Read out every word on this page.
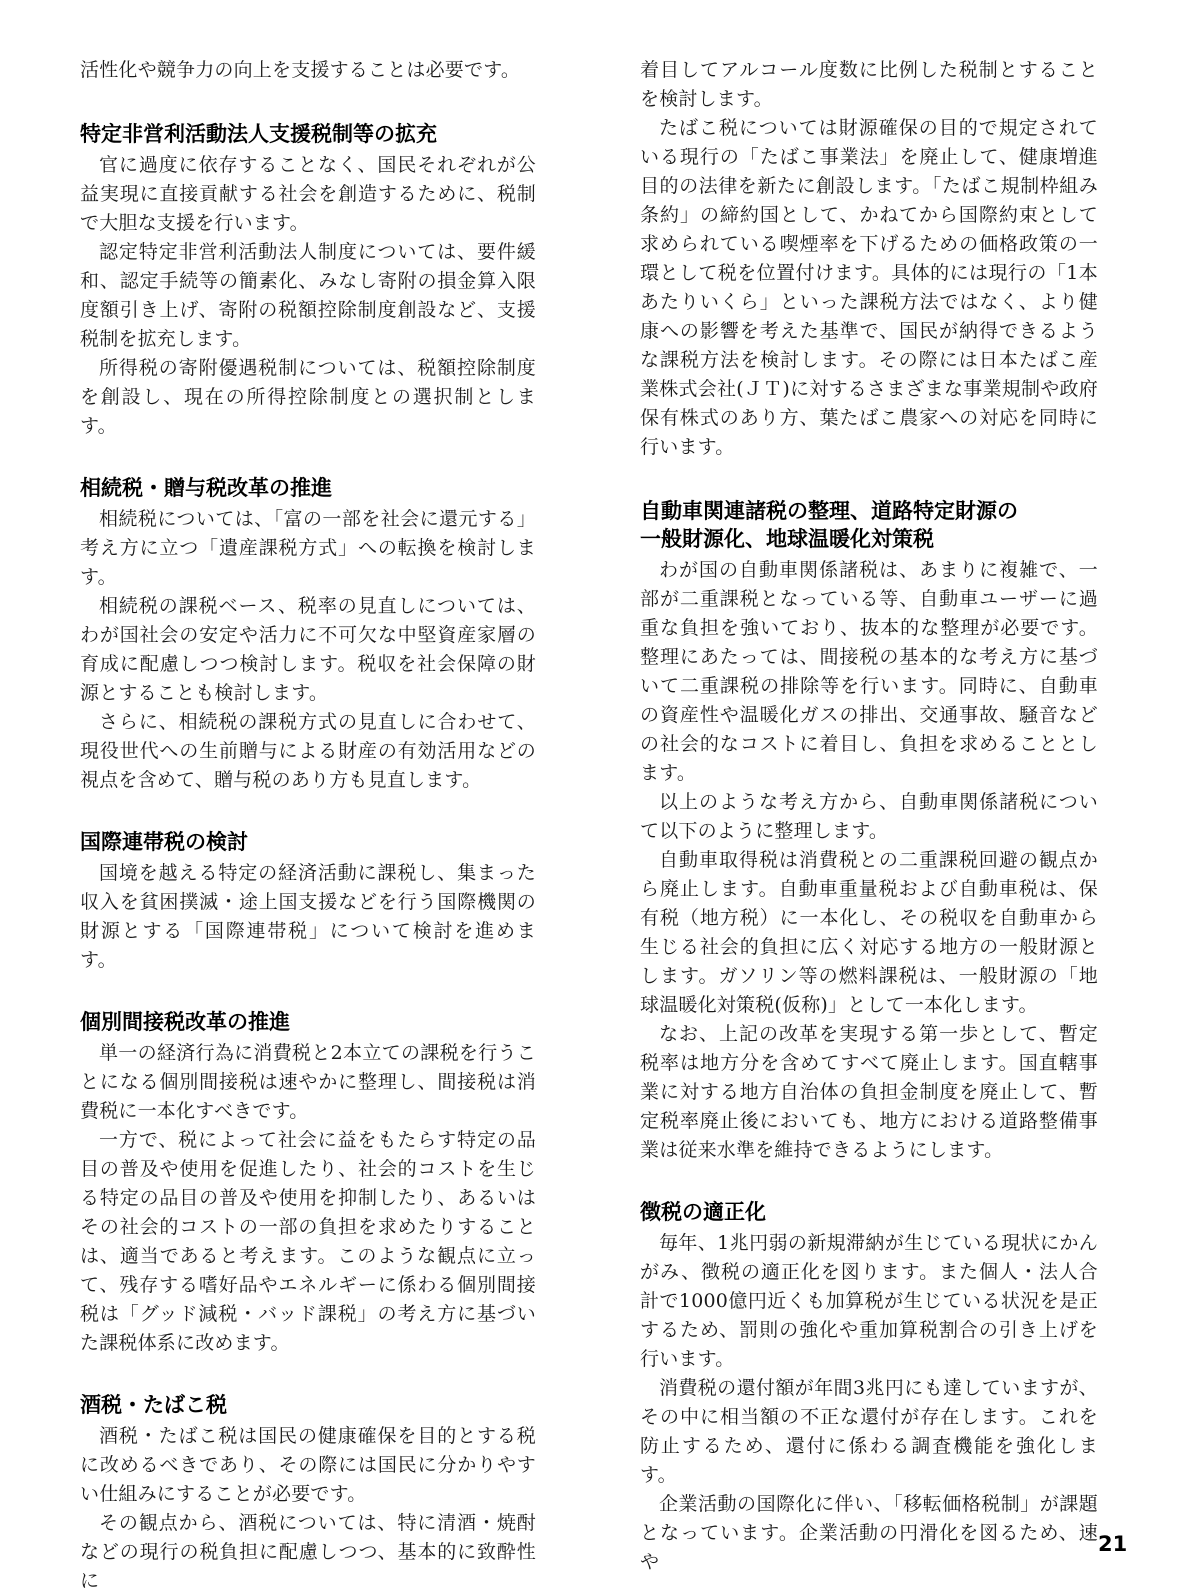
活性化や競争力の向上を支援することは必要です。

特定非営利活動法人支援税制等の拡充

官に過度に依存することなく、国民それぞれが公益実現に直接貢献する社会を創造するために、税制で大胆な支援を行います。

認定特定非営利活動法人制度については、要件緩和、認定手続等の簡素化、みなし寄附の損金算入限度額引き上げ、寄附の税額控除制度創設など、支援税制を拡充します。

所得税の寄附優遇税制については、税額控除制度を創設し、現在の所得控除制度との選択制とします。

相続税・贈与税改革の推進

相続税については、「富の一部を社会に還元する」考え方に立つ「遺産課税方式」への転換を検討します。

相続税の課税ベース、税率の見直しについては、わが国社会の安定や活力に不可欠な中堅資産家層の育成に配慮しつつ検討します。税収を社会保障の財源とすることも検討します。

さらに、相続税の課税方式の見直しに合わせて、現役世代への生前贈与による財産の有効活用などの視点を含めて、贈与税のあり方も見直します。

国際連帯税の検討

国境を越える特定の経済活動に課税し、集まった収入を貧困撲滅・途上国支援などを行う国際機関の財源とする「国際連帯税」について検討を進めます。

個別間接税改革の推進

単一の経済行為に消費税と2本立ての課税を行うことになる個別間接税は速やかに整理し、間接税は消費税に一本化すべきです。

一方で、税によって社会に益をもたらす特定の品目の普及や使用を促進したり、社会的コストを生じる特定の品目の普及や使用を抑制したり、あるいはその社会的コストの一部の負担を求めたりすることは、適当であると考えます。このような観点に立って、残存する嗜好品やエネルギーに係わる個別間接税は「グッド減税・バッド課税」の考え方に基づいた課税体系に改めます。

酒税・たばこ税

酒税・たばこ税は国民の健康確保を目的とする税に改めるべきであり、その際には国民に分かりやすい仕組みにすることが必要です。

その観点から、酒税については、特に清酒・焼酎などの現行の税負担に配慮しつつ、基本的に致酔性に

着目してアルコール度数に比例した税制とすることを検討します。

たばこ税については財源確保の目的で規定されている現行の「たばこ事業法」を廃止して、健康増進目的の法律を新たに創設します。「たばこ規制枠組み条約」の締約国として、かねてから国際約束として求められている喫煙率を下げるための価格政策の一環として税を位置付けます。具体的には現行の「1本あたりいくら」といった課税方法ではなく、より健康への影響を考えた基準で、国民が納得できるような課税方法を検討します。その際には日本たばこ産業株式会社(ＪＴ)に対するさまざまな事業規制や政府保有株式のあり方、葉たばこ農家への対応を同時に行います。

自動車関連諸税の整理、道路特定財源の
一般財源化、地球温暖化対策税

わが国の自動車関係諸税は、あまりに複雑で、一部が二重課税となっている等、自動車ユーザーに過重な負担を強いており、抜本的な整理が必要です。整理にあたっては、間接税の基本的な考え方に基づいて二重課税の排除等を行います。同時に、自動車の資産性や温暖化ガスの排出、交通事故、騒音などの社会的なコストに着目し、負担を求めることとします。

以上のような考え方から、自動車関係諸税について以下のように整理します。

自動車取得税は消費税との二重課税回避の観点から廃止します。自動車重量税および自動車税は、保有税（地方税）に一本化し、その税収を自動車から生じる社会的負担に広く対応する地方の一般財源とします。ガソリン等の燃料課税は、一般財源の「地球温暖化対策税(仮称)」として一本化します。

なお、上記の改革を実現する第一歩として、暫定税率は地方分を含めてすべて廃止します。国直轄事業に対する地方自治体の負担金制度を廃止して、暫定税率廃止後においても、地方における道路整備事業は従来水準を維持できるようにします。

徴税の適正化

毎年、1兆円弱の新規滞納が生じている現状にかんがみ、徴税の適正化を図ります。また個人・法人合計で1000億円近くも加算税が生じている状況を是正するため、罰則の強化や重加算税割合の引き上げを行います。

消費税の還付額が年間3兆円にも達していますが、その中に相当額の不正な還付が存在します。これを防止するため、還付に係わる調査機能を強化します。

企業活動の国際化に伴い、「移転価格税制」が課題となっています。企業活動の円滑化を図るため、速や

21
